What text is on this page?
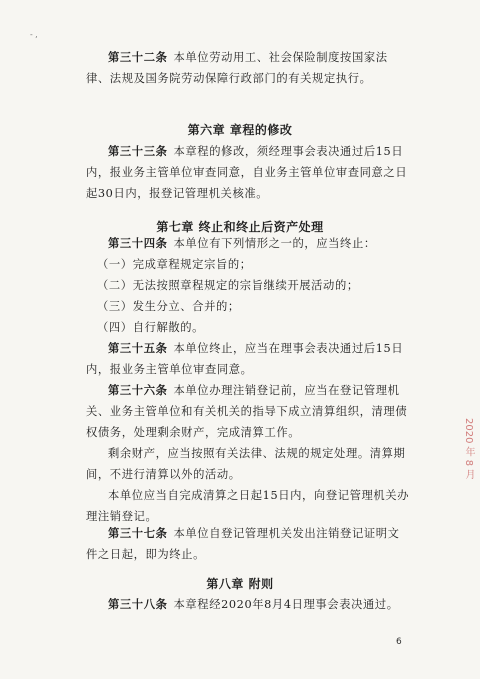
- ,

第三十二条 本单位劳动用工、社会保险制度按国家法律、法规及国务院劳动保障行政部门的有关规定执行。

第六章 章程的修改

第三十三条 本章程的修改，须经理事会表决通过后15日内，报业务主管单位审查同意，自业务主管单位审查同意之日起30日内，报登记管理机关核准。

第七章 终止和终止后资产处理

第三十四条 本单位有下列情形之一的，应当终止：

（一）完成章程规定宗旨的；

（二）无法按照章程规定的宗旨继续开展活动的；

（三）发生分立、合并的；

（四）自行解散的。

第三十五条 本单位终止，应当在理事会表决通过后15日内，报业务主管单位审查同意。

第三十六条 本单位办理注销登记前，应当在登记管理机关、业务主管单位和有关机关的指导下成立清算组织，清理债权债务，处理剩余财产，完成清算工作。

剩余财产，应当按照有关法律、法规的规定处理。清算期间，不进行清算以外的活动。

本单位应当自完成清算之日起15日内，向登记管理机关办理注销登记。

第三十七条 本单位自登记管理机关发出注销登记证明文件之日起，即为终止。

第八章 附则

第三十八条 本章程经2020年8月4日理事会表决通过。

6
2020 年 8 月
